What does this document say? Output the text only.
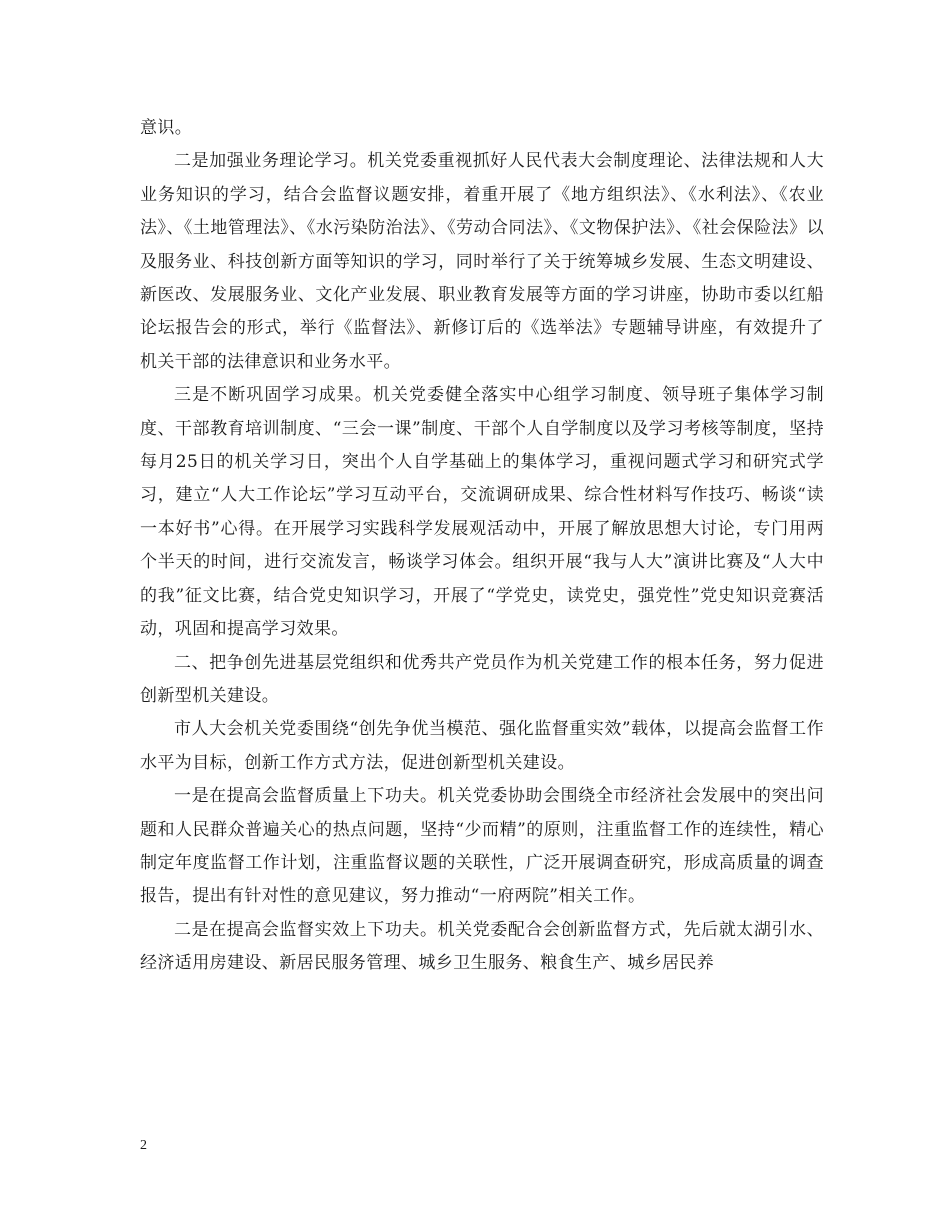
意识。

二是加强业务理论学习。机关党委重视抓好人民代表大会制度理论、法律法规和人大业务知识的学习，结合会监督议题安排，着重开展了《地方组织法》、《水利法》、《农业法》、《土地管理法》、《水污染防治法》、《劳动合同法》、《文物保护法》、《社会保险法》以及服务业、科技创新方面等知识的学习，同时举行了关于统筹城乡发展、生态文明建设、新医改、发展服务业、文化产业发展、职业教育发展等方面的学习讲座，协助市委以红船论坛报告会的形式，举行《监督法》、新修订后的《选举法》专题辅导讲座，有效提升了机关干部的法律意识和业务水平。

三是不断巩固学习成果。机关党委健全落实中心组学习制度、领导班子集体学习制度、干部教育培训制度、“三会一课”制度、干部个人自学制度以及学习考核等制度，坚持每月25日的机关学习日，突出个人自学基础上的集体学习，重视问题式学习和研究式学习，建立“人大工作论坛”学习互动平台，交流调研成果、综合性材料写作技巧、畅谈“读一本好书”心得。在开展学习实践科学发展观活动中，开展了解放思想大讨论，专门用两个半天的时间，进行交流发言，畅谈学习体会。组织开展“我与人大”演讲比赛及“人大中的我”征文比赛，结合党史知识学习，开展了“学党史，读党史，强党性”党史知识竞赛活动，巩固和提高学习效果。

二、把争创先进基层党组织和优秀共产党员作为机关党建工作的根本任务，努力促进创新型机关建设。

市人大会机关党委围绕“创先争优当模范、强化监督重实效”载体，以提高会监督工作水平为目标，创新工作方式方法，促进创新型机关建设。

一是在提高会监督质量上下功夫。机关党委协助会围绕全市经济社会发展中的突出问题和人民群众普遍关心的热点问题，坚持“少而精”的原则，注重监督工作的连续性，精心制定年度监督工作计划，注重监督议题的关联性，广泛开展调查研究，形成高质量的调查报告，提出有针对性的意见建议，努力推动“一府两院”相关工作。

二是在提高会监督实效上下功夫。机关党委配合会创新监督方式，先后就太湖引水、经济适用房建设、新居民服务管理、城乡卫生服务、粮食生产、城乡居民养

2
